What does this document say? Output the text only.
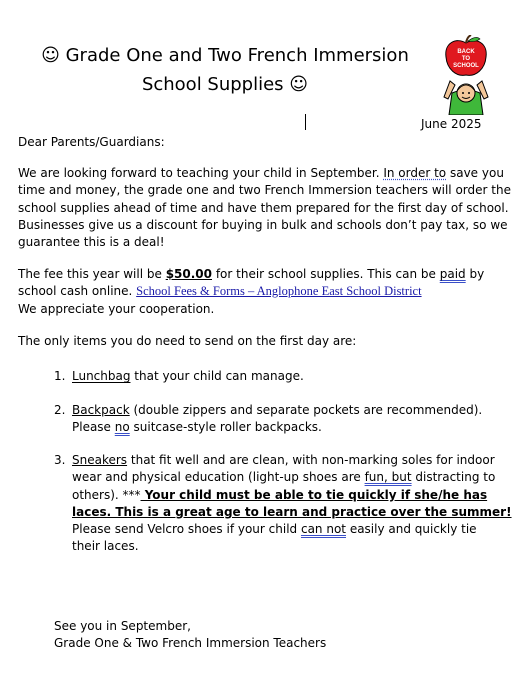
☺ Grade One and Two French Immersion
School Supplies ☺
BACK
TO
SCHOOL
June 2025
Dear Parents/Guardians:
We are looking forward to teaching your child in September. In order to save you
time and money, the grade one and two French Immersion teachers will order the
school supplies ahead of time and have them prepared for the first day of school.
Businesses give us a discount for buying in bulk and schools don’t pay tax, so we
guarantee this is a deal!
The fee this year will be $50.00 for their school supplies. This can be paid by
school cash online. School Fees & Forms – Anglophone East School District
We appreciate your cooperation.
The only items you do need to send on the first day are:
1. Lunchbag that your child can manage.
2. Backpack (double zippers and separate pockets are recommended).
Please no suitcase-style roller backpacks.
3. Sneakers that fit well and are clean, with non-marking soles for indoor
wear and physical education (light-up shoes are fun, but distracting to
others). *** Your child must be able to tie quickly if she/he has
laces. This is a great age to learn and practice over the summer!
Please send Velcro shoes if your child can not easily and quickly tie
their laces.
See you in September,
Grade One & Two French Immersion Teachers
